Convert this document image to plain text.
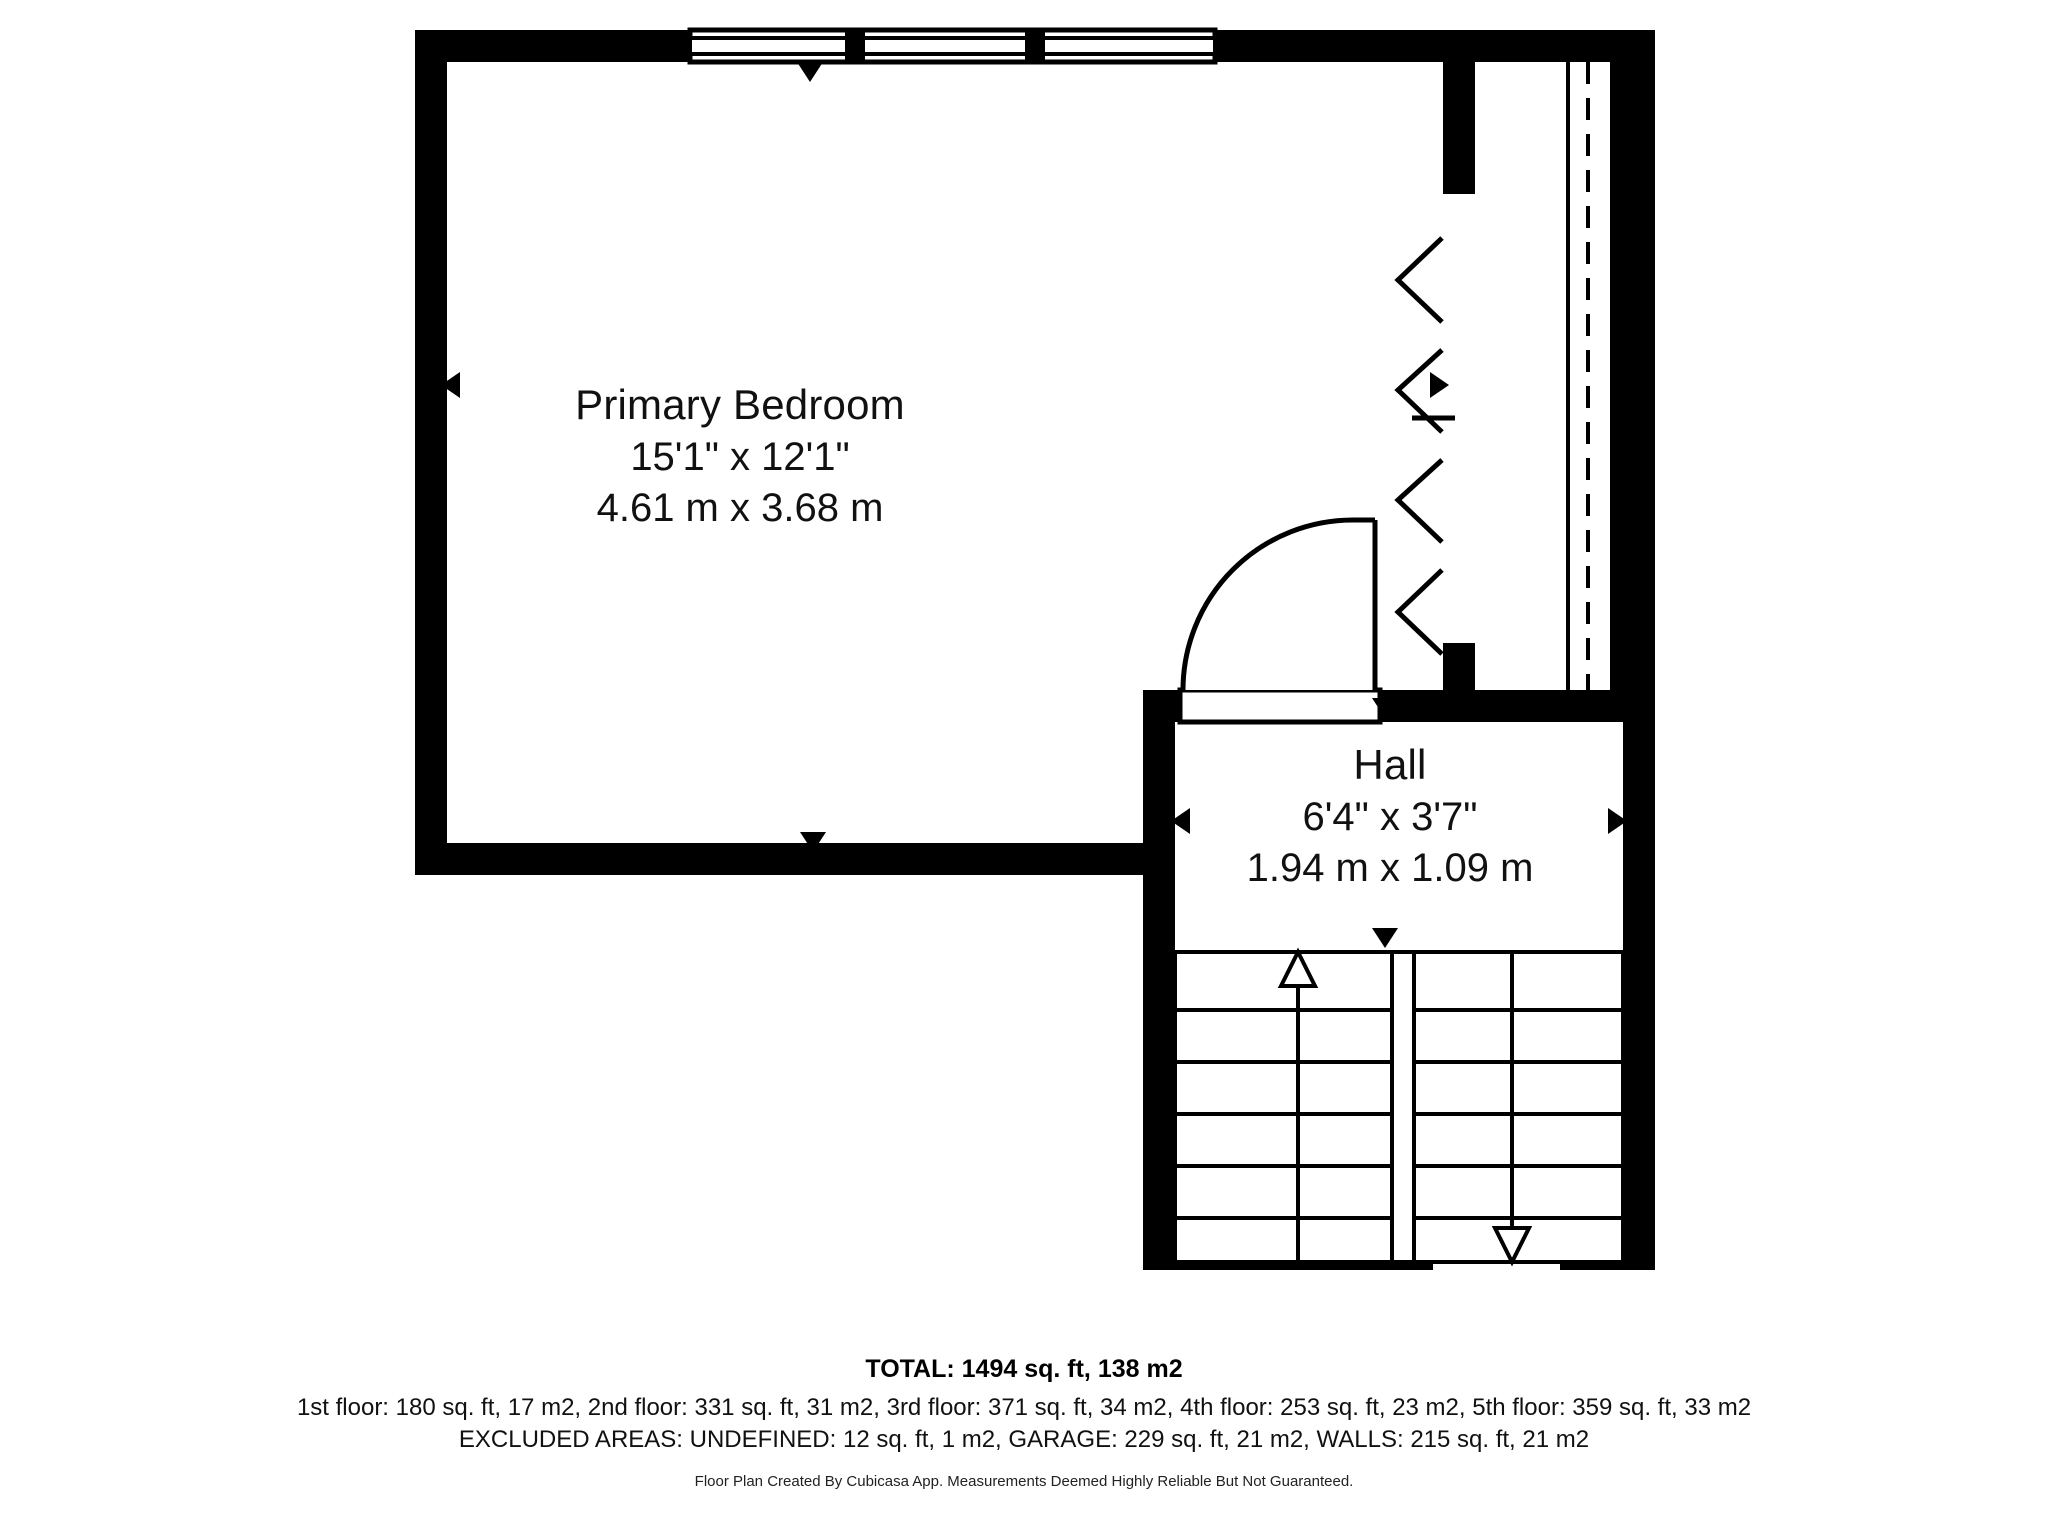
Primary Bedroom
15'1" x 12'1"
4.61 m x 3.68 m
Hall
6'4" x 3'7"
1.94 m x 1.09 m
TOTAL: 1494 sq. ft, 138 m2
1st floor: 180 sq. ft, 17 m2, 2nd floor: 331 sq. ft, 31 m2, 3rd floor: 371 sq. ft, 34 m2, 4th floor: 253 sq. ft, 23 m2, 5th floor: 359 sq. ft, 33 m2
EXCLUDED AREAS: UNDEFINED: 12 sq. ft, 1 m2, GARAGE: 229 sq. ft, 21 m2, WALLS: 215 sq. ft, 21 m2
Floor Plan Created By Cubicasa App. Measurements Deemed Highly Reliable But Not Guaranteed.
